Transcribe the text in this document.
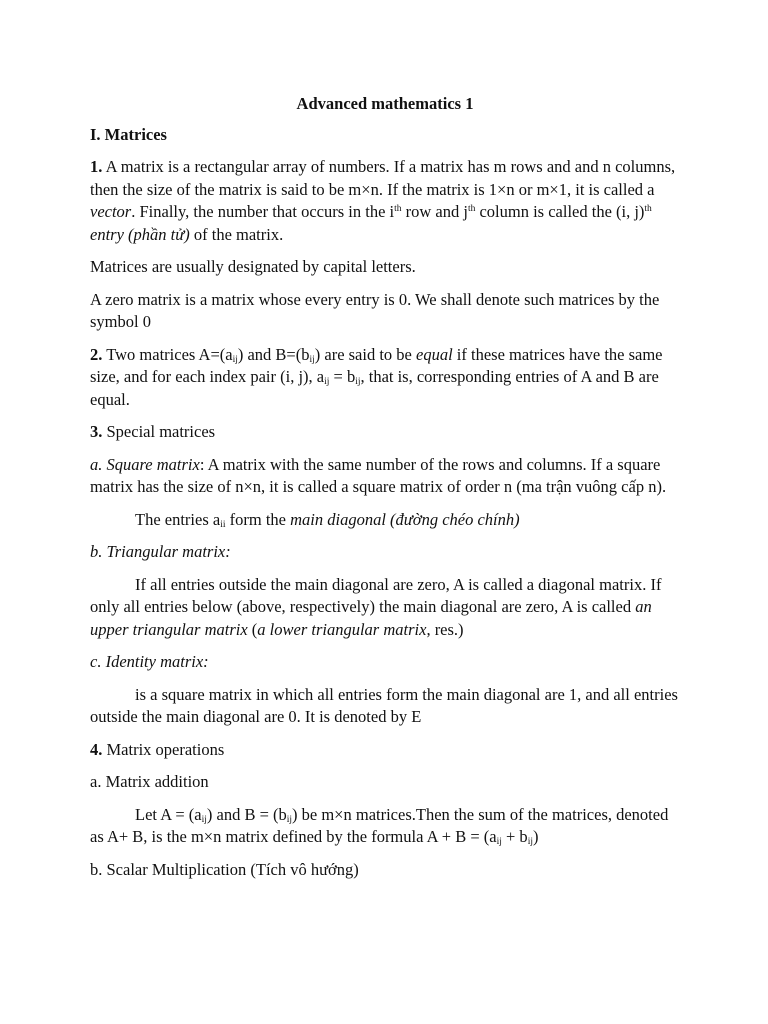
Advanced mathematics 1
I. Matrices

1. A matrix is a rectangular array of numbers. If a matrix has m rows and and n columns, then the size of the matrix is said to be m×n. If the matrix is 1×n or m×1, it is called a vector. Finally, the number that occurs in the $i^{th}$ row and $j^{th}$ column is called the (i, j)$^{th}$ entry (phần tử) of the matrix.

Matrices are usually designated by capital letters.

A zero matrix is a matrix whose every entry is 0. We shall denote such matrices by the symbol 0

2. Two matrices $A=(a_{ij})$ and $B=(b_{ij})$ are said to be equal if these matrices have the same size, and for each index pair (i, j), $a_{ij} = b_{ij}$, that is, corresponding entries of A and B are equal.

3. Special matrices

a. Square matrix: A matrix with the same number of the rows and columns. If a square matrix has the size of n×n, it is called a square matrix of order n (ma trận vuông cấp n).

The entries $a_{ii}$ form the main diagonal (đường chéo chính)

b. Triangular matrix:

If all entries outside the main diagonal are zero, A is called a diagonal matrix. If only all entries below (above, respectively) the main diagonal are zero, A is called an upper triangular matrix (a lower triangular matrix, res.)

c. Identity matrix:

is a square matrix in which all entries form the main diagonal are 1, and all entries outside the main diagonal are 0. It is denoted by E

4. Matrix operations

a. Matrix addition

Let $A = (a_{ij})$ and $B = (b_{ij})$ be m×n matrices.Then the sum of the matrices, denoted as A+ B, is the m×n matrix defined by the formula $A + B = (a_{ij} + b_{ij})$

b. Scalar Multiplication (Tích vô hướng)
